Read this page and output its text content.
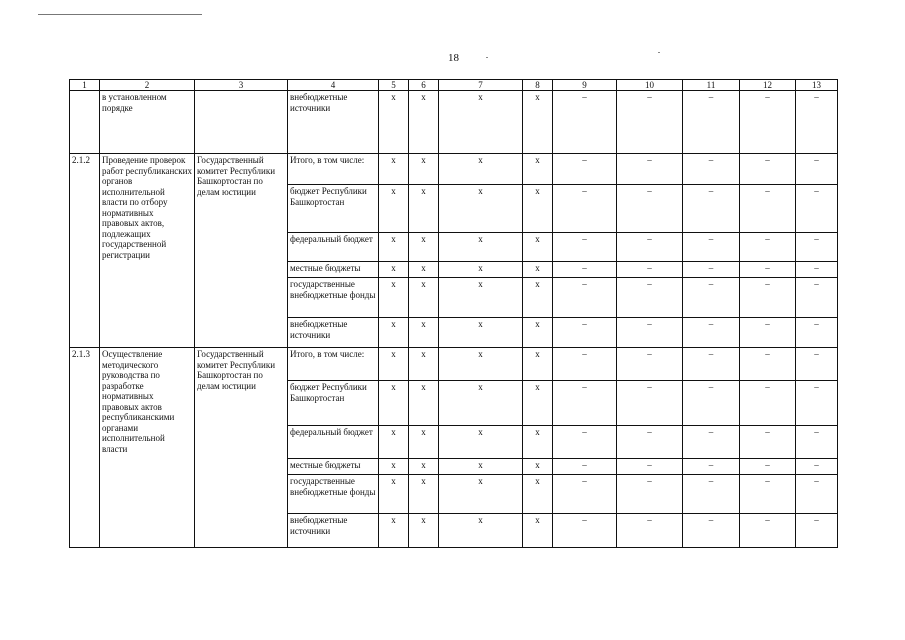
18
1	2	3	4	5	6	7	8	9	10	11	12	13
	в установленном порядке		внебюджетные источники	x	x	x	x	–	–	–	–	–
2.1.2	Проведение проверок работ республиканских органов исполнительной власти по отбору нормативных правовых актов, подлежащих государственной регистрации	Государственный комитет Республики Башкортостан по делам юстиции	Итого, в том числе:	x	x	x	x	–	–	–	–	–
			бюджет Республики Башкортостан	x	x	x	x	–	–	–	–	–
			федеральный бюджет	x	x	x	x	–	–	–	–	–
			местные бюджеты	x	x	x	x	–	–	–	–	–
			государственные внебюджетные фонды	x	x	x	x	–	–	–	–	–
			внебюджетные источники	x	x	x	x	–	–	–	–	–
2.1.3	Осуществление методического руководства по разработке нормативных правовых актов республиканскими органами исполнительной власти	Государственный комитет Республики Башкортостан по делам юстиции	Итого, в том числе:	x	x	x	x	–	–	–	–	–
			бюджет Республики Башкортостан	x	x	x	x	–	–	–	–	–
			федеральный бюджет	x	x	x	x	–	–	–	–	–
			местные бюджеты	x	x	x	x	–	–	–	–	–
			государственные внебюджетные фонды	x	x	x	x	–	–	–	–	–
			внебюджетные источники	x	x	x	x	–	–	–	–	–
